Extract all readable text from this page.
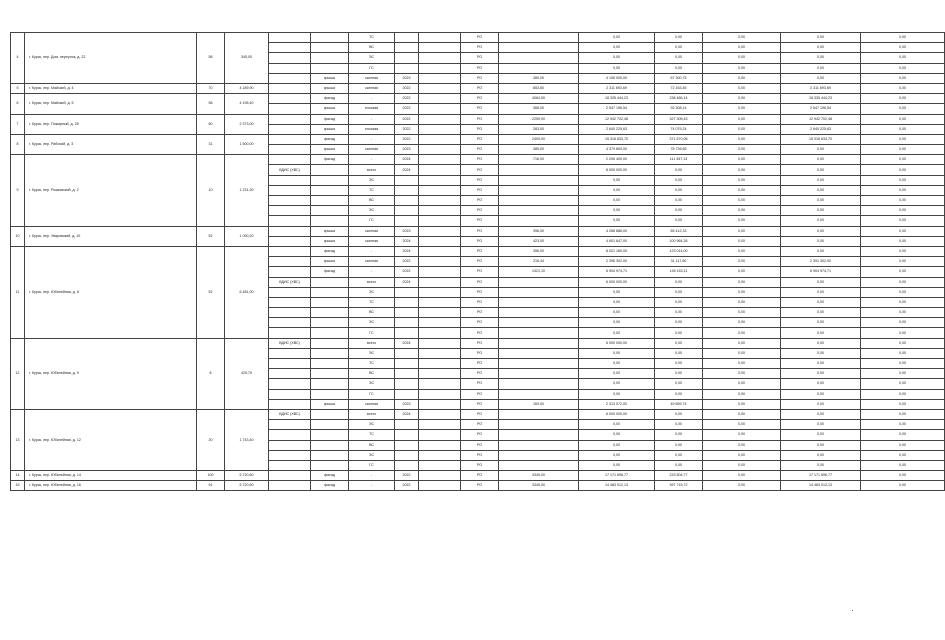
4	г. Курск, пер. Дом. переулок, д. 22	58	345,00			ТС			РО		0,00	0,00	0,00	0,00	0,00	
						ВС			РО		0,00	0,00	0,00	0,00	0,00	
						ЭС			РО		0,00	0,00	0,00	0,00	0,00	
						ГС			РО		0,00	0,00	0,00	0,00	0,00	
					крыша	скатная	2023		РО	380,00	4 106 000,00	67 300,75	0,00	0,00	0,00	
5	г. Курск, пер. Майский, д. 4	70	4 189,90		крыша	скатная	2022		РО	853,60	2 311 693,69	72 163,45	0,00	2 311 693,69	0,00	
6	г. Курск, пер. Майский, д. 5	58	4 195,40		фасад	-	2022		РО	4064,50	18 335 444,23	238 466,14	0,00	18 335 444,23	0,00	
					крыша	плоская	2022		РО	368,00	2 547 196,54	92 308,14	0,00	2 547 196,54	0,00	
7	г. Курск, пер. Пожарный, д. 28	60	2 373,00		фасад	-	2022		РО	2259,00	12 942 702,48	327 305,43	0,00	12 942 702,48	0,00	
					крыша	плоская	2022		РО	283,00	2 640 225,63	74 079,24	0,00	2 640 225,63	0,00	
8	г. Курск, пер. Рабочий, д. 3	31	1 500,00		фасад	-	2022		РО	2400,00	15 316 633,70	371 670,06	0,00	15 316 633,70	0,00	
					крыша	скатная	2023		РО	385,00	4 379 800,00	78 726,65	0,00	0,00	0,00	
9	г. Курск, пер. Рожковский, д. 2	10	1 231,30		фасад	-	2024		РО	716,00	2 206 400,00	111 457,13	0,00	0,00	0,00	
				ВДИС (ХВС)		всего	2024		РО		8 000 000,00	0,00	0,00	0,00	0,00	
						ЭС			РО		0,00	0,00	0,00	0,00	0,00	
						ТС			РО		0,00	0,00	0,00	0,00	0,00	
						ВС			РО		0,00	0,00	0,00	0,00	0,00	
						ЭС			РО		0,00	0,00	0,00	0,00	0,00	
						ГС			РО		0,00	0,00	0,00	0,00	0,00	
10	г. Курск, пер. Уваровский, д. 10	52	1 090,20		крыша	скатная	2023		РО	396,00	4 268 886,00	65 412,33	0,00	0,00	0,00	
					крыша	скатная	2024		РО	423,00	4 601 647,00	100 964,26	0,00	0,00	0,00	
11	г. Курск, пер. Юбилейная, д. 8	52	6 481,00		фасад	-	2024		РО	356,00	8 021 160,00	123 014,00	0,00	0,00	0,00	
					крыша	скатная	2022		РО	216,44	2 396 302,00	31 117,80	0,00	2 391 302,00	0,00	
					фасад	-	2022		РО	1321,10	6 904 974,71	145 153,11	0,00	6 904 974,71	0,00	
				ВДИС (ХВС)		всего	2024		РО		6 000 000,00	0,00	0,00	0,00	0,00	
						ЭС			РО		0,00	0,00	0,00	0,00	0,00	
						ТС			РО		0,00	0,00	0,00	0,00	0,00	
						ВС			РО		0,00	0,00	0,00	0,00	0,00	
						ЭС			РО		0,00	0,00	0,00	0,00	0,00	
						ГС			РО		0,00	0,00	0,00	0,00	0,00	
12	г. Курск, пер. Юбилейная, д. 9	8	425,70	ВДИС (ХВС)		всего	2024		РО		6 000 000,00	0,00	0,00	0,00	0,00	
						ЭС			РО		0,00	0,00	0,00	0,00	0,00	
						ТС			РО		0,00	0,00	0,00	0,00	0,00	
						ВС			РО		0,00	0,00	0,00	0,00	0,00	
						ЭС			РО		0,00	0,00	0,00	0,00	0,00	
						ГС			РО		0,00	0,00	0,00	0,00	0,00	
					крыша	скатная	2023		РО	169,00	2 313 072,00	49 659,74	0,00	0,00	0,00	
13	г. Курск, пер. Юбилейная, д. 12	20	1 743,40	ВДИС (ХВС)		всего	2024		РО		6 000 000,00	0,00	0,00	0,00	0,00	
						ЭС			РО		0,00	0,00	0,00	0,00	0,00	
						ТС			РО		0,00	0,00	0,00	0,00	0,00	
						ВС			РО		0,00	0,00	0,00	0,00	0,00	
						ЭС			РО		0,00	0,00	0,00	0,00	0,00	
						ГС			РО		0,00	0,00	0,00	0,00	0,00	
14	г. Курск, пер. Юбилейная, д. 14	100	5 720,60		фасад	-	2022		РО	3345,00	17 171 696,77	233 504,77	0,00	17 171 696,77	0,00	
15	г. Курск, пер. Юбилейная, д. 16	91	5 720,50		фасад	-	2022		РО	3345,00	14 483 012,13	397 715,72	0,00	14 483 012,13	0,00	
